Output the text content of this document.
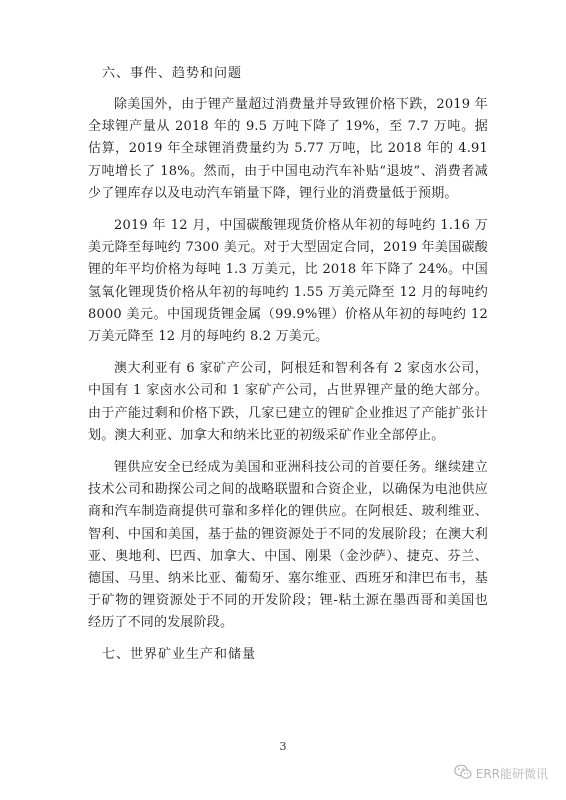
六、事件、趋势和问题

除美国外，由于锂产量超过消费量并导致锂价格下跌，2019 年全球锂产量从 2018 年的 9.5 万吨下降了 19%，至 7.7 万吨。据估算，2019 年全球锂消费量约为 5.77 万吨，比 2018 年的 4.91 万吨增长了 18%。然而，由于中国电动汽车补贴“退坡”、消费者减少了锂库存以及电动汽车销量下降，锂行业的消费量低于预期。

2019 年 12 月，中国碳酸锂现货价格从年初的每吨约 1.16 万美元降至每吨约 7300 美元。对于大型固定合同，2019 年美国碳酸锂的年平均价格为每吨 1.3 万美元，比 2018 年下降了 24%。中国氢氧化锂现货价格从年初的每吨约 1.55 万美元降至 12 月的每吨约 8000 美元。中国现货锂金属（99.9%锂）价格从年初的每吨约 12 万美元降至 12 月的每吨约 8.2 万美元。

澳大利亚有 6 家矿产公司，阿根廷和智利各有 2 家卤水公司，中国有 1 家卤水公司和 1 家矿产公司，占世界锂产量的绝大部分。由于产能过剩和价格下跌，几家已建立的锂矿企业推迟了产能扩张计划。澳大利亚、加拿大和纳米比亚的初级采矿作业全部停止。

锂供应安全已经成为美国和亚洲科技公司的首要任务。继续建立技术公司和勘探公司之间的战略联盟和合资企业，以确保为电池供应商和汽车制造商提供可靠和多样化的锂供应。在阿根廷、玻利维亚、智利、中国和美国，基于盐的锂资源处于不同的发展阶段；在澳大利亚、奥地利、巴西、加拿大、中国、刚果（金沙萨）、捷克、芬兰、德国、马里、纳米比亚、葡萄牙、塞尔维亚、西班牙和津巴布韦，基于矿物的锂资源处于不同的开发阶段；锂-粘土源在墨西哥和美国也经历了不同的发展阶段。

七、世界矿业生产和储量
3
ERR能研微讯
